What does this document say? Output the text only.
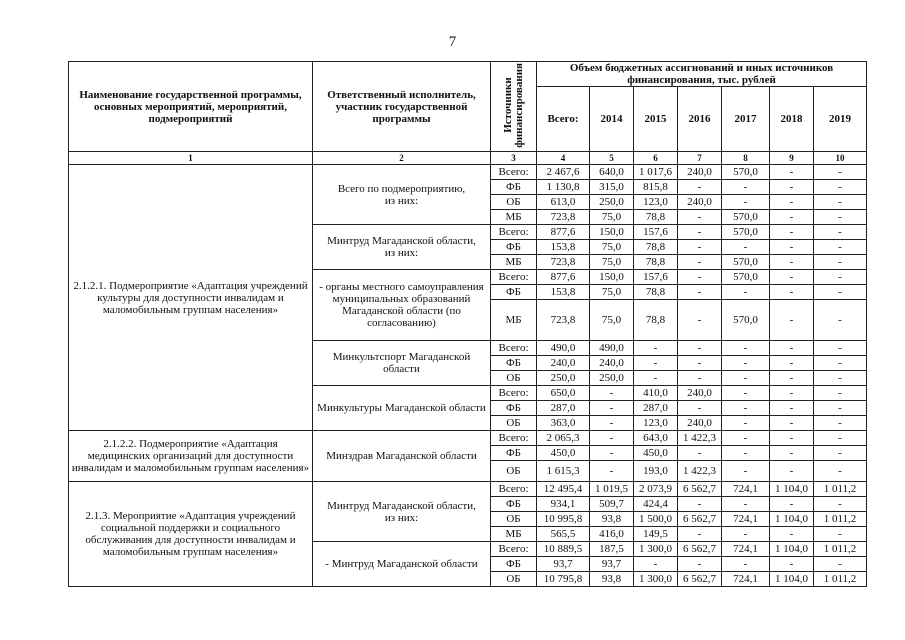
7
Наименование государственной программы, основных мероприятий, мероприятий, подмероприятий	Ответственный исполнитель, участник государственной программы	Источники
финансирования	Объем бюджетных ассигнований и иных источников финансирования, тыс. рублей						
			Всего:	2014	2015	2016	2017	2018	2019
1	2	3	4	5	6	7	8	9	10
2.1.2.1. Подмероприятие «Адаптация учреждений культуры для доступности инвалидам и маломобильным группам населения»	Всего по подмероприятию,
из них:	Всего:	2 467,6	640,0	1 017,6	240,0	570,0	-	-
		ФБ	1 130,8	315,0	815,8	-	-	-	-
		ОБ	613,0	250,0	123,0	240,0	-	-	-
		МБ	723,8	75,0	78,8	-	570,0	-	-
	Минтруд Магаданской области,
из них:	Всего:	877,6	150,0	157,6	-	570,0	-	-
		ФБ	153,8	75,0	78,8	-	-	-	-
		МБ	723,8	75,0	78,8	-	570,0	-	-
	- органы местного самоуправления муниципальных образований Магаданской области (по согласованию)	Всего:	877,6	150,0	157,6	-	570,0	-	-
		ФБ	153,8	75,0	78,8	-	-	-	-
		МБ	723,8	75,0	78,8	-	570,0	-	-
	Минкультспорт Магаданской области	Всего:	490,0	490,0	-	-	-	-	-
		ФБ	240,0	240,0	-	-	-	-	-
		ОБ	250,0	250,0	-	-	-	-	-
	Минкультуры Магаданской области	Всего:	650,0	-	410,0	240,0	-	-	-
		ФБ	287,0	-	287,0	-	-	-	-
		ОБ	363,0	-	123,0	240,0	-	-	-
2.1.2.2. Подмероприятие «Адаптация медицинских организаций для доступности инвалидам и маломобильным группам населения»	Минздрав Магаданской области	Всего:	2 065,3	-	643,0	1 422,3	-	-	-
		ФБ	450,0	-	450,0	-	-	-	-
		ОБ	1 615,3	-	193,0	1 422,3	-	-	-
2.1.3. Мероприятие «Адаптация учреждений социальной поддержки и социального обслуживания для доступности инвалидам и маломобильным группам населения»	Минтруд Магаданской области,
из них:	Всего:	12 495,4	1 019,5	2 073,9	6 562,7	724,1	1 104,0	1 011,2
		ФБ	934,1	509,7	424,4	-	-	-	-
		ОБ	10 995,8	93,8	1 500,0	6 562,7	724,1	1 104,0	1 011,2
		МБ	565,5	416,0	149,5	-	-	-	-
	- Минтруд Магаданской области	Всего:	10 889,5	187,5	1 300,0	6 562,7	724,1	1 104,0	1 011,2
		ФБ	93,7	93,7	-	-	-	-	-
		ОБ	10 795,8	93,8	1 300,0	6 562,7	724,1	1 104,0	1 011,2
